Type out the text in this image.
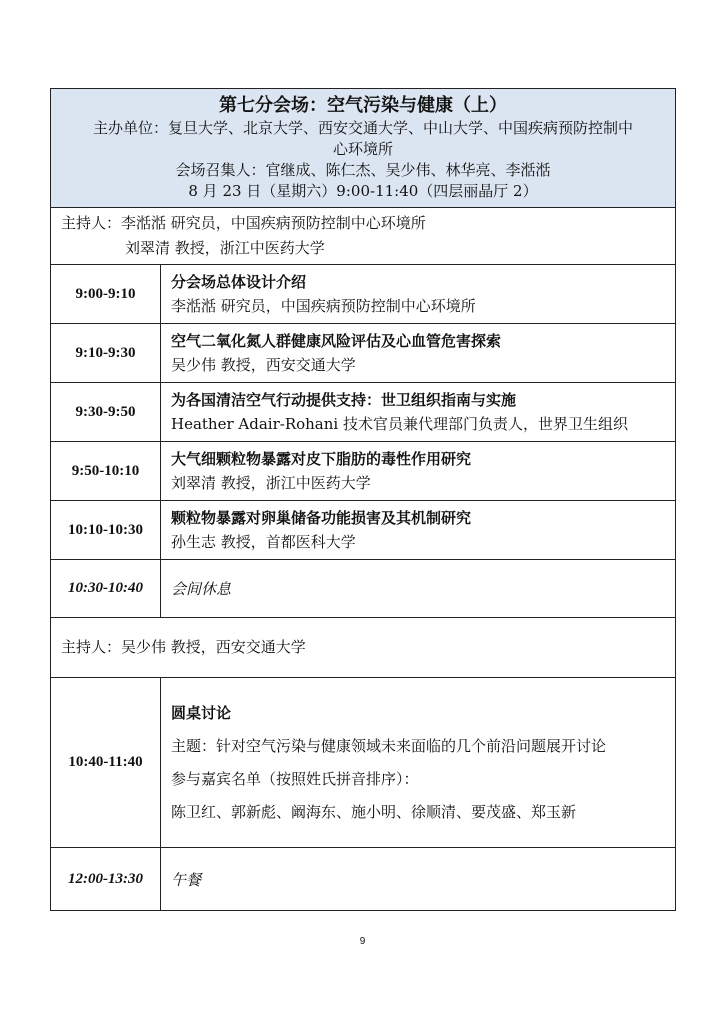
第七分会场：空气污染与健康（上）
主办单位：复旦大学、北京大学、西安交通大学、中山大学、中国疾病预防控制中
心环境所
会场召集人：官继成、陈仁杰、吴少伟、林华亮、李湉湉
8 月 23 日（星期六）9:00-11:40（四层丽晶厅 2）	

主持人：李湉湉 研究员，中国疾病预防控制中心环境所
刘翠清 教授，浙江中医药大学	

9:00-9:10	分会场总体设计介绍
李湉湉 研究员，中国疾病预防控制中心环境所

9:10-9:30	空气二氧化氮人群健康风险评估及心血管危害探索
吴少伟 教授，西安交通大学

9:30-9:50	为各国清洁空气行动提供支持：世卫组织指南与实施
Heather Adair-Rohani 技术官员兼代理部门负责人，世界卫生组织

9:50-10:10	大气细颗粒物暴露对皮下脂肪的毒性作用研究
刘翠清 教授，浙江中医药大学

10:10-10:30	颗粒物暴露对卵巢储备功能损害及其机制研究
孙生志 教授，首都医科大学

10:30-10:40	会间休息

主持人：吴少伟 教授，西安交通大学	

10:40-11:40	圆桌讨论
主题：针对空气污染与健康领域未来面临的几个前沿问题展开讨论
参与嘉宾名单（按照姓氏拼音排序）：
陈卫红、郭新彪、阚海东、施小明、徐顺清、要茂盛、郑玉新

12:00-13:30	午餐
9
